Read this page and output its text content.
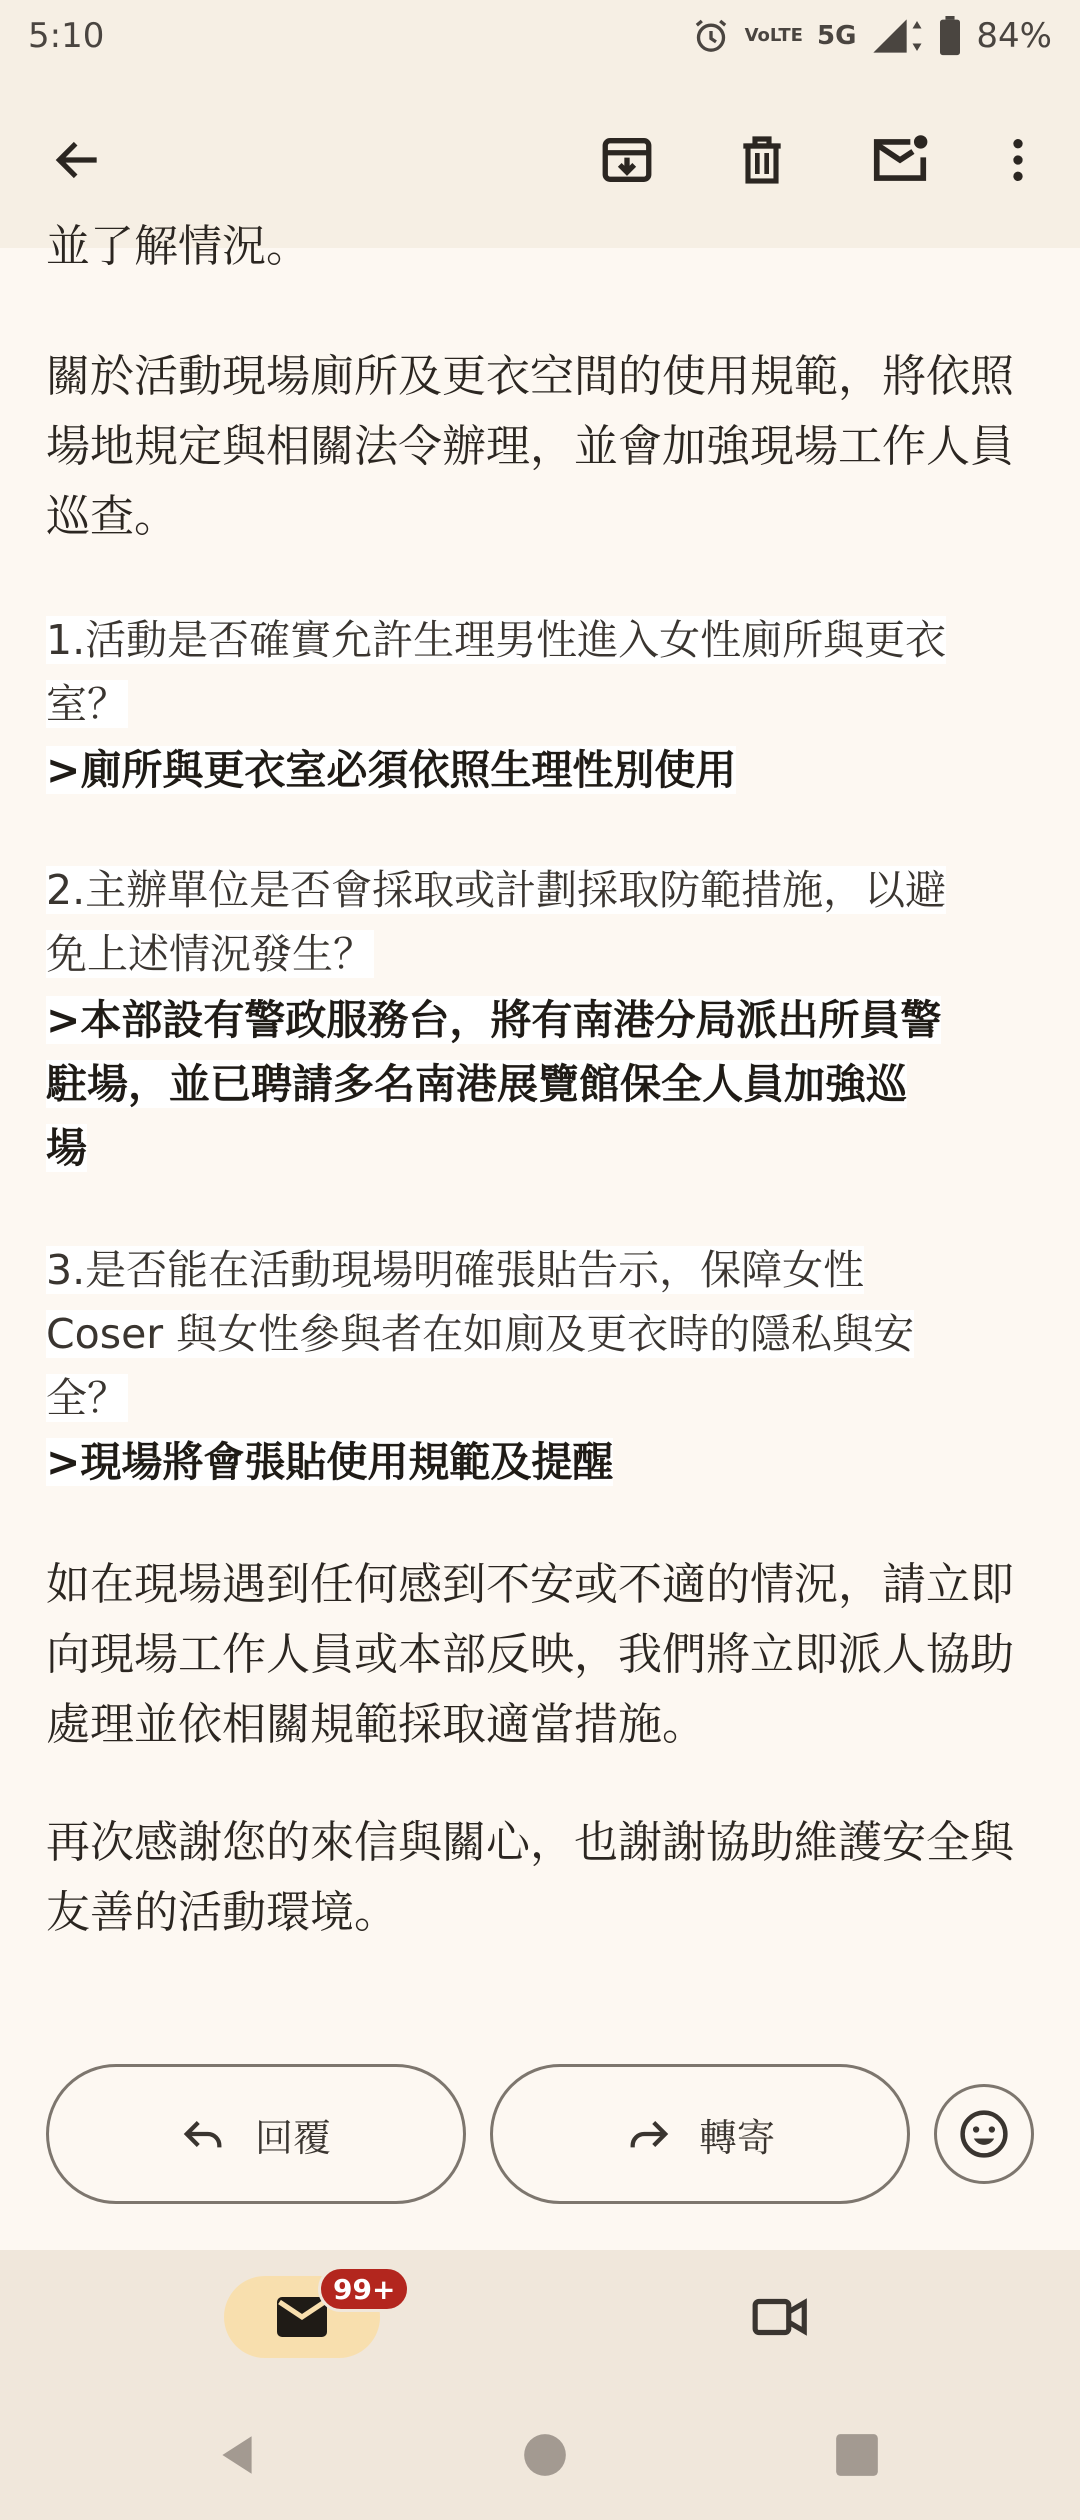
5:10	VoLTE 5G	84%
並了解情況。
關於活動現場廁所及更衣空間的使用規範，將依照場地規定與相關法令辦理，並會加強現場工作人員巡查。
1.活動是否確實允許生理男性進入女性廁所與更衣
室？
>廁所與更衣室必須依照生理性別使用
2.主辦單位是否會採取或計劃採取防範措施，以避
免上述情況發生？
>本部設有警政服務台，將有南港分局派出所員警
駐場，並已聘請多名南港展覽館保全人員加強巡
場
3.是否能在活動現場明確張貼告示，保障女性
Coser 與女性參與者在如廁及更衣時的隱私與安
全？
>現場將會張貼使用規範及提醒
如在現場遇到任何感到不安或不適的情況，請立即向現場工作人員或本部反映，我們將立即派人協助處理並依相關規範採取適當措施。
再次感謝您的來信與關心，也謝謝協助維護安全與友善的活動環境。
回覆	轉寄
99+
